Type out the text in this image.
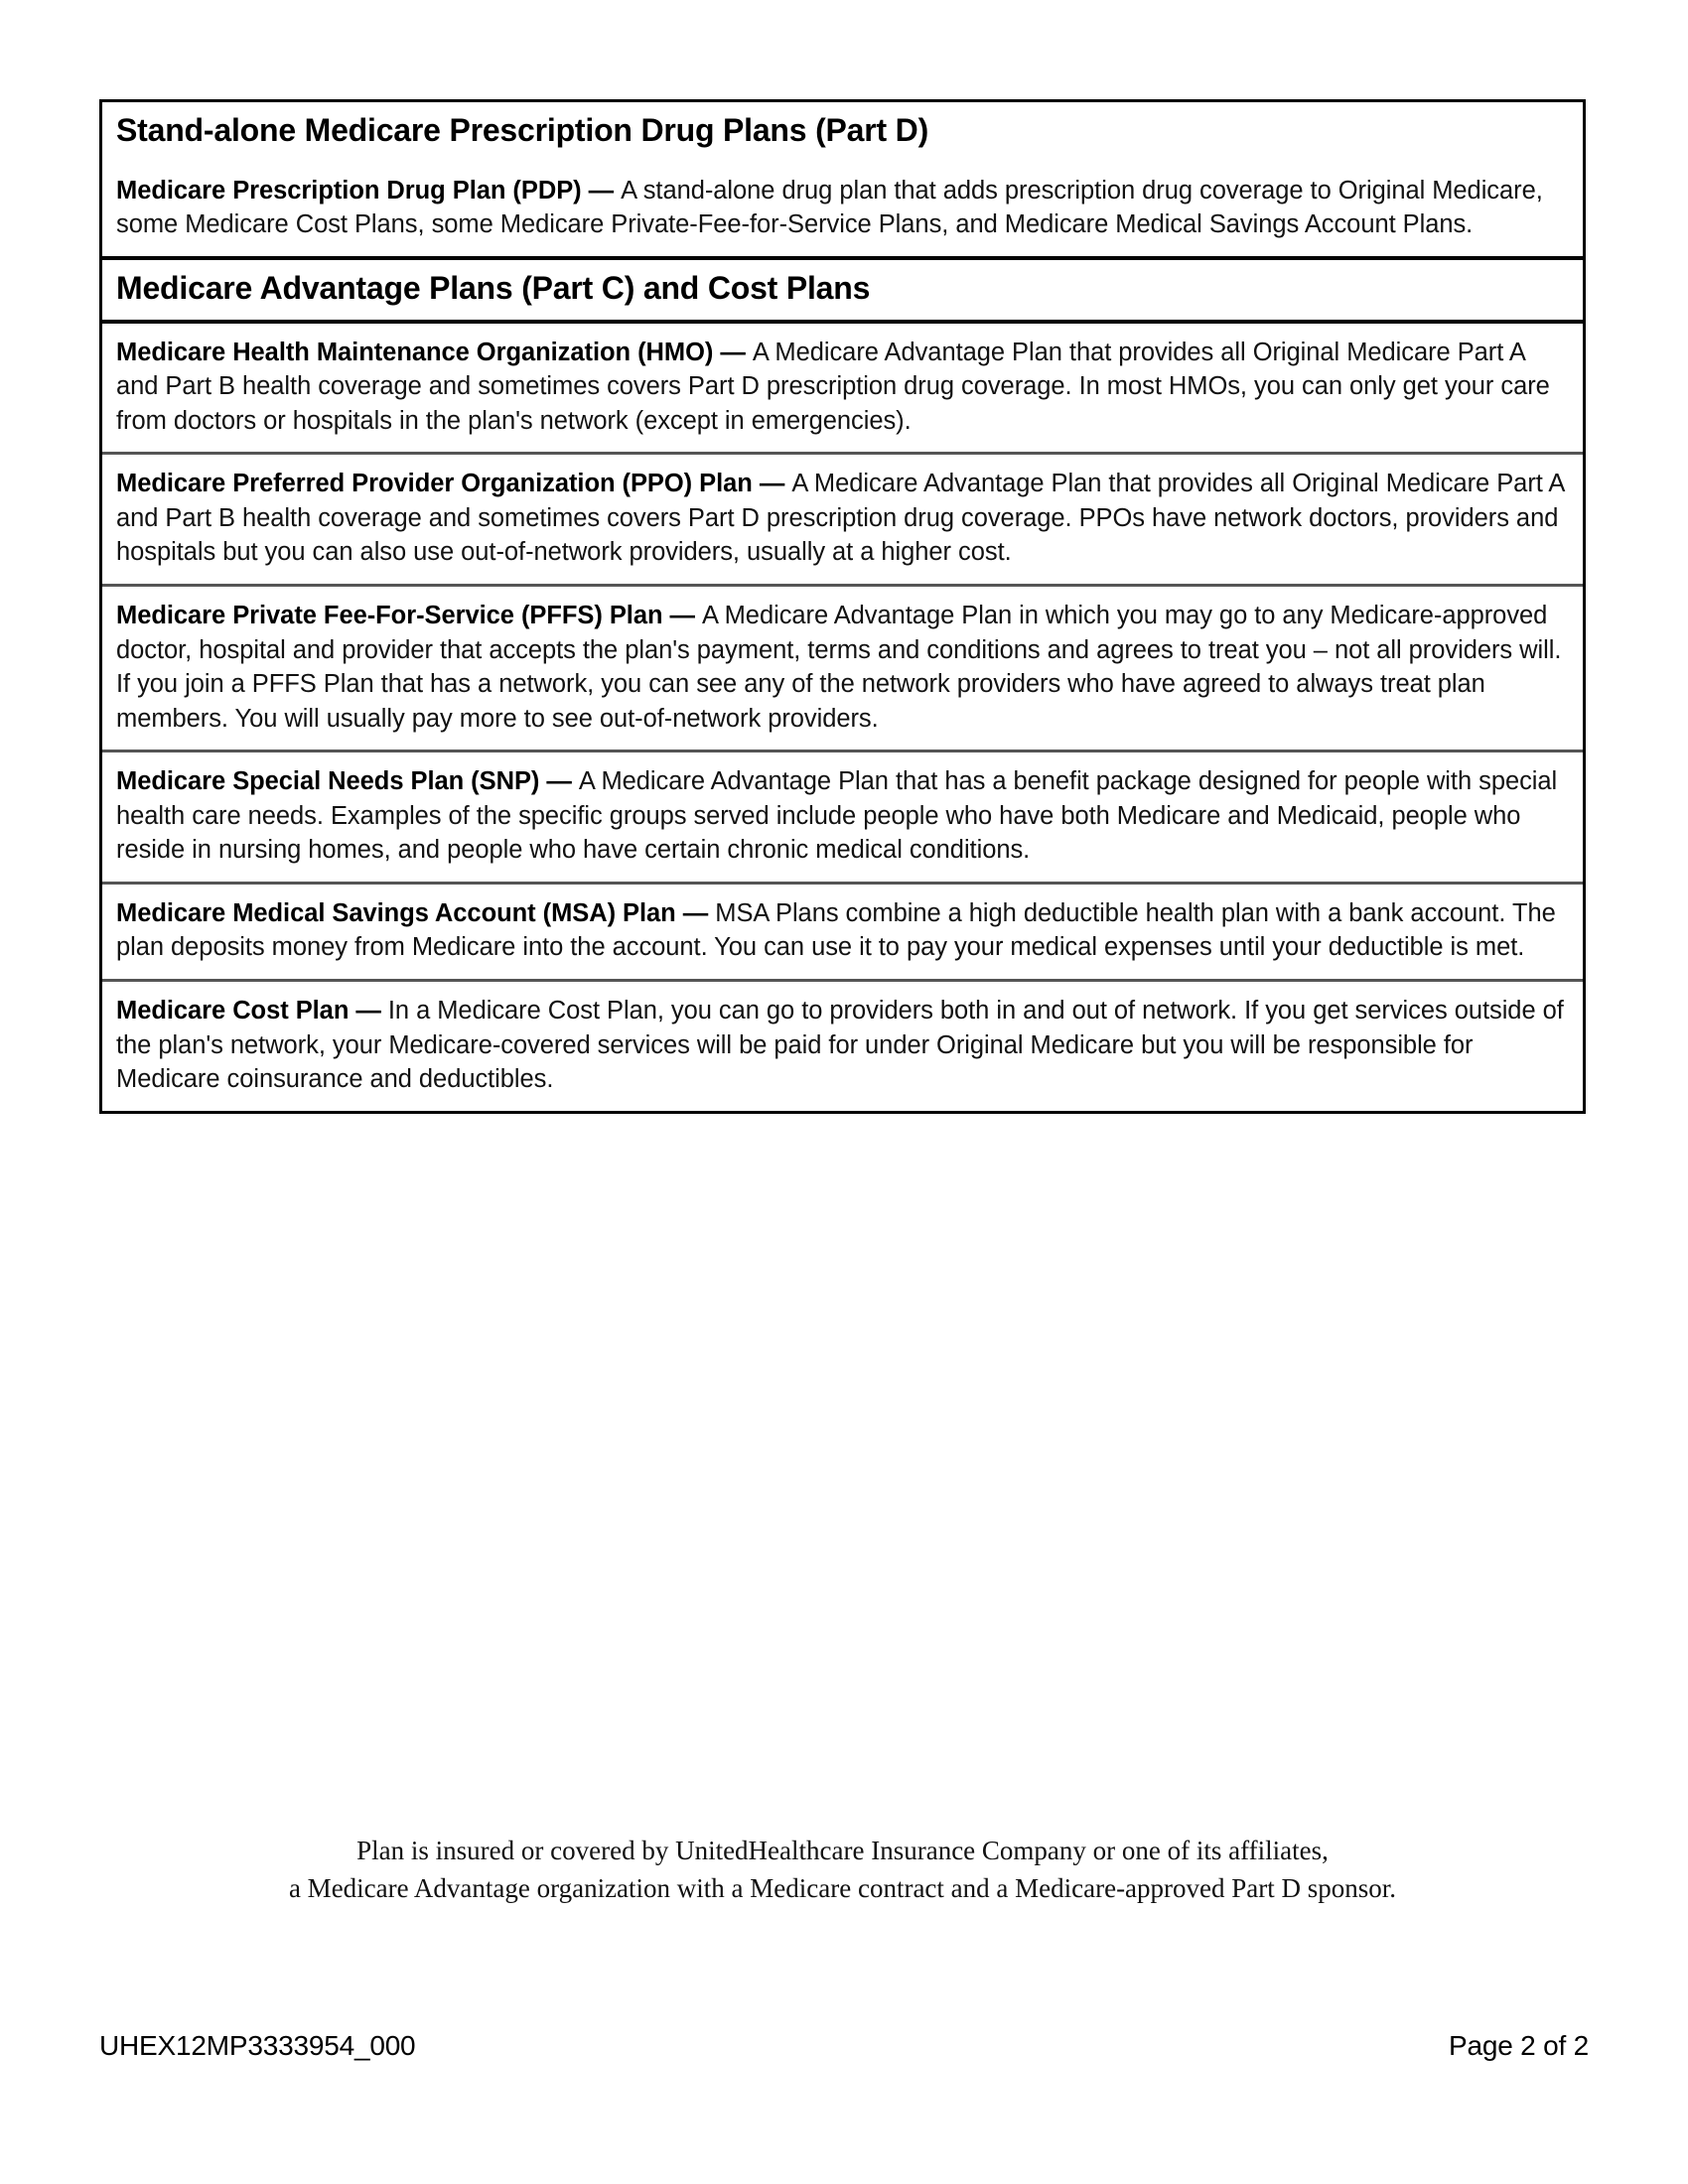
Stand-alone Medicare Prescription Drug Plans (Part D)
Medicare Prescription Drug Plan (PDP) — A stand-alone drug plan that adds prescription drug coverage to Original Medicare, some Medicare Cost Plans, some Medicare Private-Fee-for-Service Plans, and Medicare Medical Savings Account Plans.
Medicare Advantage Plans (Part C) and Cost Plans
Medicare Health Maintenance Organization (HMO) — A Medicare Advantage Plan that provides all Original Medicare Part A and Part B health coverage and sometimes covers Part D prescription drug coverage. In most HMOs, you can only get your care from doctors or hospitals in the plan's network (except in emergencies).
Medicare Preferred Provider Organization (PPO) Plan — A Medicare Advantage Plan that provides all Original Medicare Part A and Part B health coverage and sometimes covers Part D prescription drug coverage. PPOs have network doctors, providers and hospitals but you can also use out-of-network providers, usually at a higher cost.
Medicare Private Fee-For-Service (PFFS) Plan — A Medicare Advantage Plan in which you may go to any Medicare-approved doctor, hospital and provider that accepts the plan's payment, terms and conditions and agrees to treat you – not all providers will. If you join a PFFS Plan that has a network, you can see any of the network providers who have agreed to always treat plan members. You will usually pay more to see out-of-network providers.
Medicare Special Needs Plan (SNP) — A Medicare Advantage Plan that has a benefit package designed for people with special health care needs. Examples of the specific groups served include people who have both Medicare and Medicaid, people who reside in nursing homes, and people who have certain chronic medical conditions.
Medicare Medical Savings Account (MSA) Plan — MSA Plans combine a high deductible health plan with a bank account. The plan deposits money from Medicare into the account. You can use it to pay your medical expenses until your deductible is met.
Medicare Cost Plan — In a Medicare Cost Plan, you can go to providers both in and out of network. If you get services outside of the plan's network, your Medicare-covered services will be paid for under Original Medicare but you will be responsible for Medicare coinsurance and deductibles.
Plan is insured or covered by UnitedHealthcare Insurance Company or one of its affiliates,
a Medicare Advantage organization with a Medicare contract and a Medicare-approved Part D sponsor.
UHEX12MP3333954_000	Page 2 of 2
